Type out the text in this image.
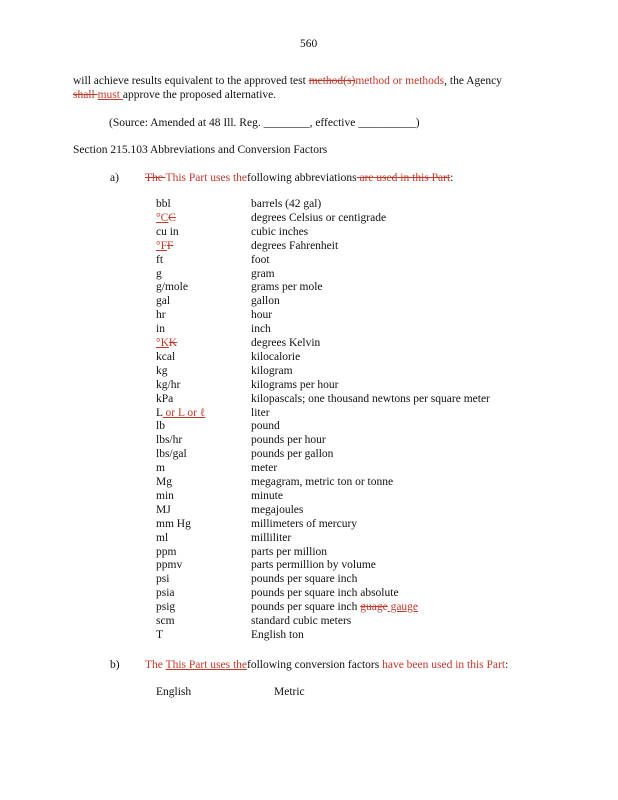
560
will achieve results equivalent to the approved test method(s)method or methods, the Agency
shall must approve the proposed alternative.
(Source: Amended at 48 Ill. Reg. ________, effective __________)
Section 215.103 Abbreviations and Conversion Factors
a) The This Part uses thefollowing abbreviations are used in this Part:
bbl	barrels (42 gal)
°CC	degrees Celsius or centigrade
cu in	cubic inches
°FF	degrees Fahrenheit
ft	foot
g	gram
g/mole	grams per mole
gal	gallon
hr	hour
in	inch
°KK	degrees Kelvin
kcal	kilocalorie
kg	kilogram
kg/hr	kilograms per hour
kPa	kilopascals; one thousand newtons per square meter
L or L or ℓ	liter
lb	pound
lbs/hr	pounds per hour
lbs/gal	pounds per gallon
m	meter
Mg	megagram, metric ton or tonne
min	minute
MJ	megajoules
mm Hg	millimeters of mercury
ml	milliliter
ppm	parts per million
ppmv	parts permillion by volume
psi	pounds per square inch
psia	pounds per square inch absolute
psig	pounds per square inch guage gauge
scm	standard cubic meters
T	English ton
b) The This Part uses thefollowing conversion factors have been used in this Part:
English	Metric
